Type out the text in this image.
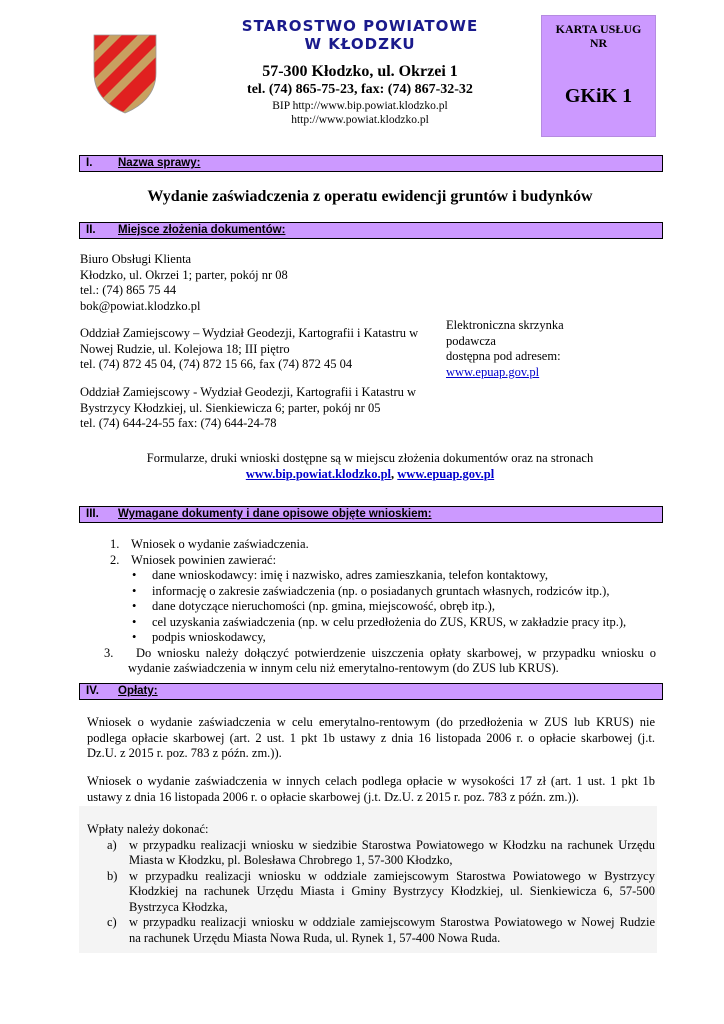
STAROSTWO POWIATOWE
W KŁODZKU
57-300 Kłodzko, ul. Okrzei 1
tel. (74) 865-75-23, fax: (74) 867-32-32
BIP http://www.bip.powiat.klodzko.pl
http://www.powiat.klodzko.pl
KARTA USŁUG
NR
GKiK 1
I. Nazwa sprawy:
Wydanie zaświadczenia z operatu ewidencji gruntów i budynków
II. Miejsce złożenia dokumentów:
Biuro Obsługi Klienta
Kłodzko, ul. Okrzei 1; parter, pokój nr 08
tel.: (74) 865 75 44
bok@powiat.klodzko.pl
Oddział Zamiejscowy – Wydział Geodezji, Kartografii i Katastru w
Nowej Rudzie, ul. Kolejowa 18; III piętro
tel. (74) 872 45 04, (74) 872 15 66, fax (74) 872 45 04
Elektroniczna skrzynka
podawcza
dostępna pod adresem:
www.epuap.gov.pl
Oddział Zamiejscowy - Wydział Geodezji, Kartografii i Katastru w
Bystrzycy Kłodzkiej, ul. Sienkiewicza 6; parter, pokój nr 05
tel. (74) 644-24-55 fax: (74) 644-24-78
Formularze, druki wnioski dostępne są w miejscu złożenia dokumentów oraz na stronach
www.bip.powiat.klodzko.pl, www.epuap.gov.pl
III. Wymagane dokumenty i dane opisowe objęte wnioskiem:
1. Wniosek o wydanie zaświadczenia.
2. Wniosek powinien zawierać:
• dane wnioskodawcy: imię i nazwisko, adres zamieszkania, telefon kontaktowy,
• informację o zakresie zaświadczenia (np. o posiadanych gruntach własnych, rodziców itp.),
• dane dotyczące nieruchomości (np. gmina, miejscowość, obręb itp.),
• cel uzyskania zaświadczenia (np. w celu przedłożenia do ZUS, KRUS, w zakładzie pracy itp.),
• podpis wnioskodawcy,
3. Do wniosku należy dołączyć potwierdzenie uiszczenia opłaty skarbowej, w przypadku wniosku o
wydanie zaświadczenia w innym celu niż emerytalno-rentowym (do ZUS lub KRUS).
IV. Opłaty:
Wniosek o wydanie zaświadczenia w celu emerytalno-rentowym (do przedłożenia w ZUS lub KRUS) nie
podlega opłacie skarbowej (art. 2 ust. 1 pkt 1b ustawy z dnia 16 listopada 2006 r. o opłacie skarbowej (j.t.
Dz.U. z 2015 r. poz. 783 z późn. zm.)).
Wniosek o wydanie zaświadczenia w innych celach podlega opłacie w wysokości 17 zł (art. 1 ust. 1 pkt 1b
ustawy z dnia 16 listopada 2006 r. o opłacie skarbowej (j.t. Dz.U. z 2015 r. poz. 783 z późn. zm.)).
Wpłaty należy dokonać:
a) w przypadku realizacji wniosku w siedzibie Starostwa Powiatowego w Kłodzku na rachunek Urzędu
Miasta w Kłodzku, pl. Bolesława Chrobrego 1, 57-300 Kłodzko,
b) w przypadku realizacji wniosku w oddziale zamiejscowym Starostwa Powiatowego w Bystrzycy
Kłodzkiej na rachunek Urzędu Miasta i Gminy Bystrzycy Kłodzkiej, ul. Sienkiewicza 6, 57-500
Bystrzyca Kłodzka,
c) w przypadku realizacji wniosku w oddziale zamiejscowym Starostwa Powiatowego w Nowej Rudzie
na rachunek Urzędu Miasta Nowa Ruda, ul. Rynek 1, 57-400 Nowa Ruda.
